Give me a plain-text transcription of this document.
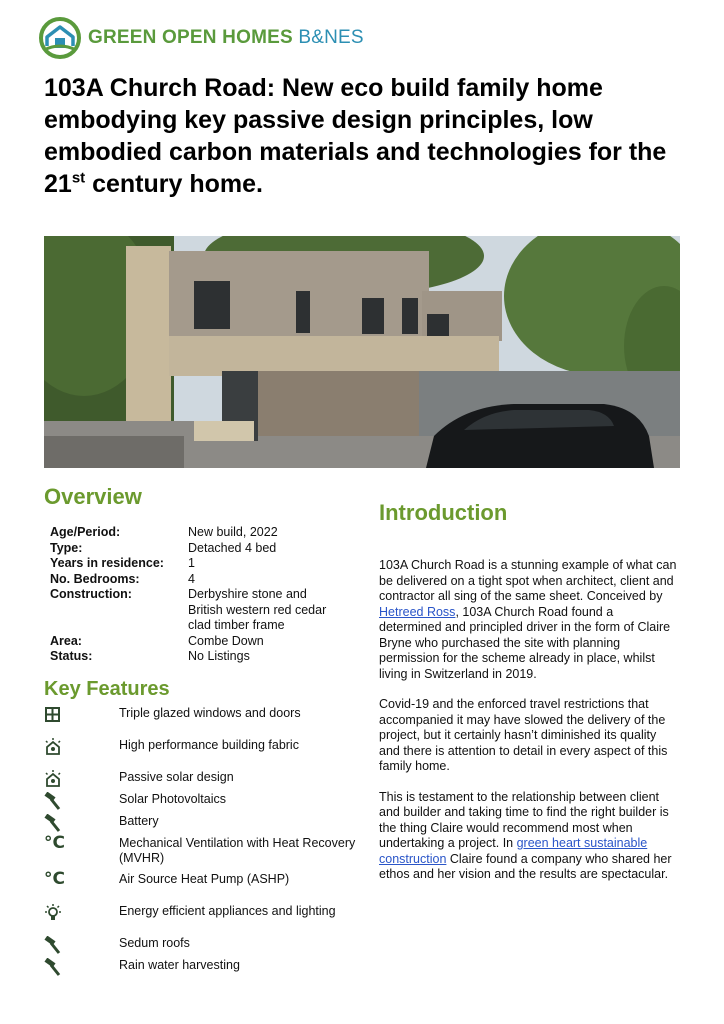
GREEN OPEN HOMES B&NES
103A Church Road: New eco build family home embodying key passive design principles, low embodied carbon materials and technologies for the 21st century home.
Overview
Age/Period:	New build, 2022
Type:	Detached 4 bed
Years in residence:	1
No. Bedrooms:	4
Construction:	Derbyshire stone and British western red cedar clad timber frame
Area:	Combe Down
Status:	No Listings
Key Features
Triple glazed windows and doors
High performance building fabric
Passive solar design
Solar Photovoltaics
Battery
°C	Mechanical Ventilation with Heat Recovery (MVHR)
°C	Air Source Heat Pump (ASHP)
Energy efficient appliances and lighting
Sedum roofs
Rain water harvesting
Introduction

103A Church Road is a stunning example of what can be delivered on a tight spot when architect, client and contractor all sing of the same sheet. Conceived by Hetreed Ross, 103A Church Road found a determined and principled driver in the form of Claire Bryne who purchased the site with planning permission for the scheme already in place, whilst living in Switzerland in 2019.

Covid-19 and the enforced travel restrictions that accompanied it may have slowed the delivery of the project, but it certainly hasn’t diminished its quality and there is attention to detail in every aspect of this family home.

This is testament to the relationship between client and builder and taking time to find the right builder is the thing Claire would recommend most when undertaking a project. In green heart sustainable construction Claire found a company who shared her ethos and her vision and the results are spectacular.
